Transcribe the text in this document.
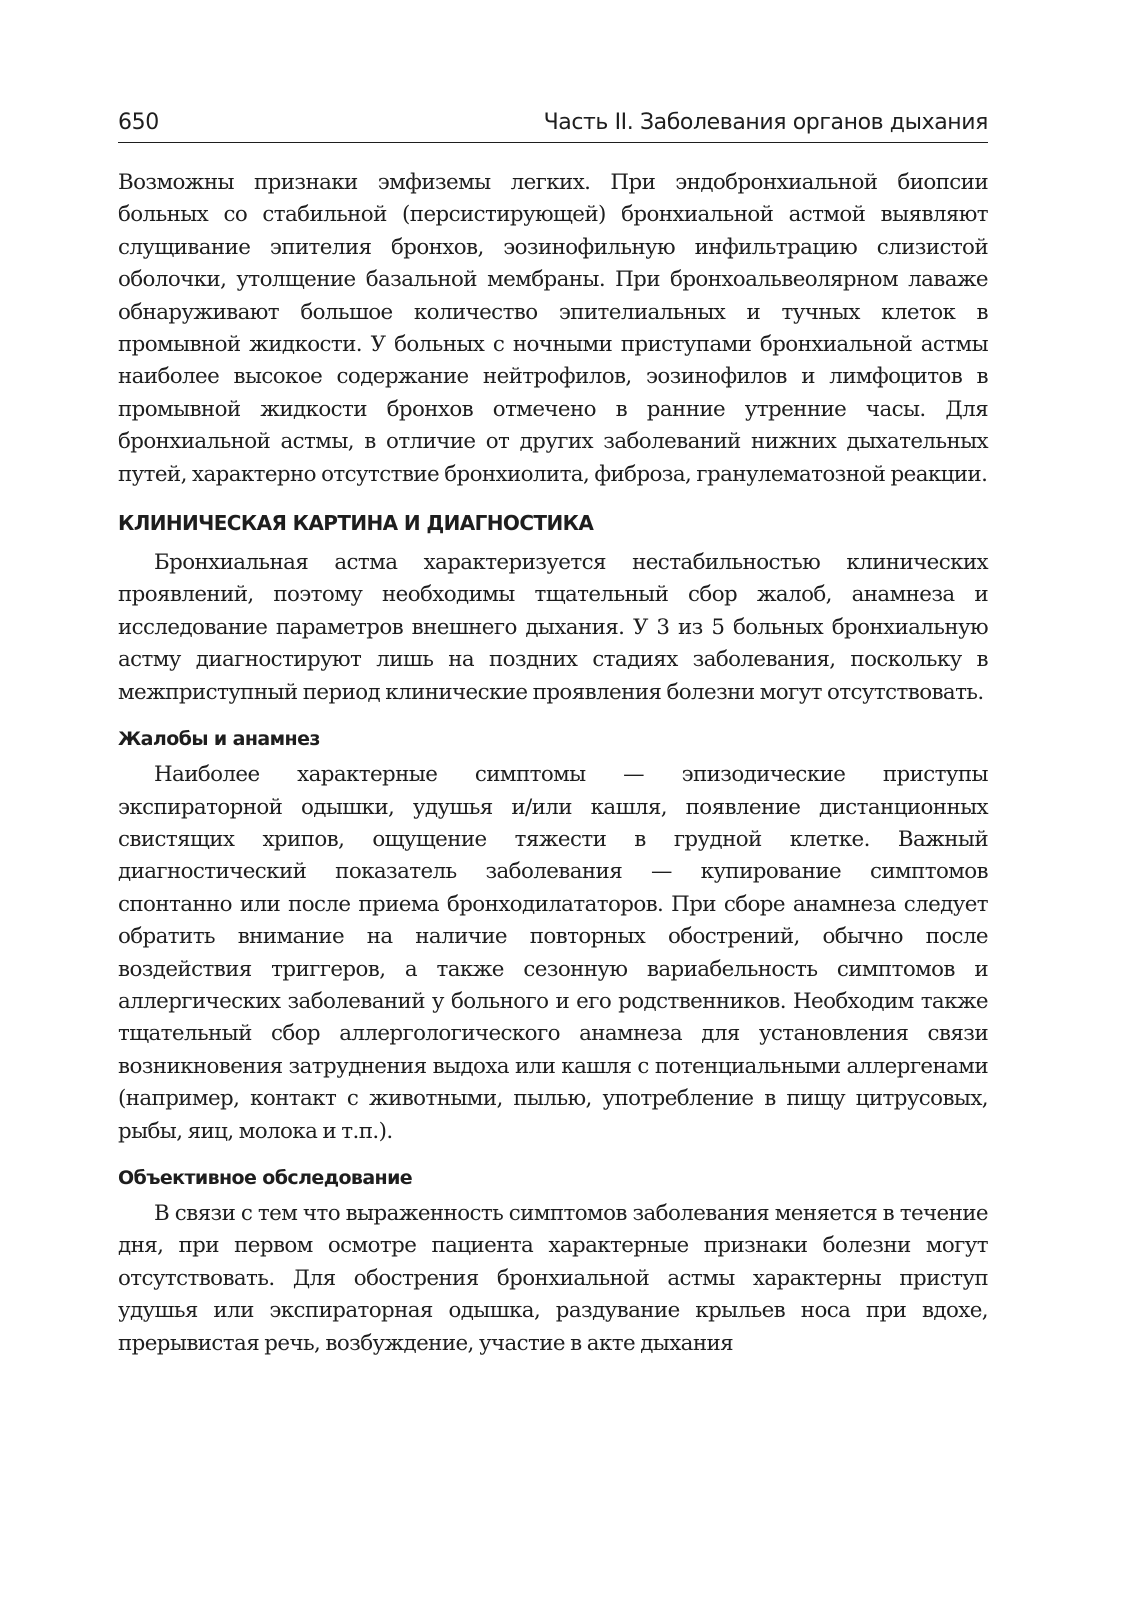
650	Часть II. Заболевания органов дыхания

Возможны признаки эмфиземы легких. При эндобронхиальной биопсии больных со стабильной (персистирующей) бронхиальной астмой выявляют слущивание эпителия бронхов, эозинофильную инфильтрацию слизистой оболочки, утолщение базальной мембраны. При бронхоальвеолярном лаваже обнаруживают большое количество эпителиальных и тучных клеток в промывной жидкости. У больных с ночными приступами бронхиальной астмы наиболее высокое содержание нейтрофилов, эозинофилов и лимфоцитов в промывной жидкости бронхов отмечено в ранние утренние часы. Для бронхиальной астмы, в отличие от других заболеваний нижних дыхательных путей, характерно отсутствие бронхиолита, фиброза, гранулематозной реакции.

КЛИНИЧЕСКАЯ КАРТИНА И ДИАГНОСТИКА

Бронхиальная астма характеризуется нестабильностью клинических проявлений, поэтому необходимы тщательный сбор жалоб, анамнеза и исследование параметров внешнего дыхания. У 3 из 5 больных бронхиальную астму диагностируют лишь на поздних стадиях заболевания, поскольку в межприступный период клинические проявления болезни могут отсутствовать.

Жалобы и анамнез

Наиболее характерные симптомы — эпизодические приступы экспираторной одышки, удушья и/или кашля, появление дистанционных свистящих хрипов, ощущение тяжести в грудной клетке. Важный диагностический показатель заболевания — купирование симптомов спонтанно или после приема бронходилататоров. При сборе анамнеза следует обратить внимание на наличие повторных обострений, обычно после воздействия триггеров, а также сезонную вариабельность симптомов и аллергических заболеваний у больного и его родственников. Необходим также тщательный сбор аллергологического анамнеза для установления связи возникновения затруднения выдоха или кашля с потенциальными аллергенами (например, контакт с животными, пылью, употребление в пищу цитрусовых, рыбы, яиц, молока и т.п.).

Объективное обследование

В связи с тем что выраженность симптомов заболевания меняется в течение дня, при первом осмотре пациента характерные признаки болезни могут отсутствовать. Для обострения бронхиальной астмы характерны приступ удушья или экспираторная одышка, раздувание крыльев носа при вдохе, прерывистая речь, возбуждение, участие в акте дыхания
